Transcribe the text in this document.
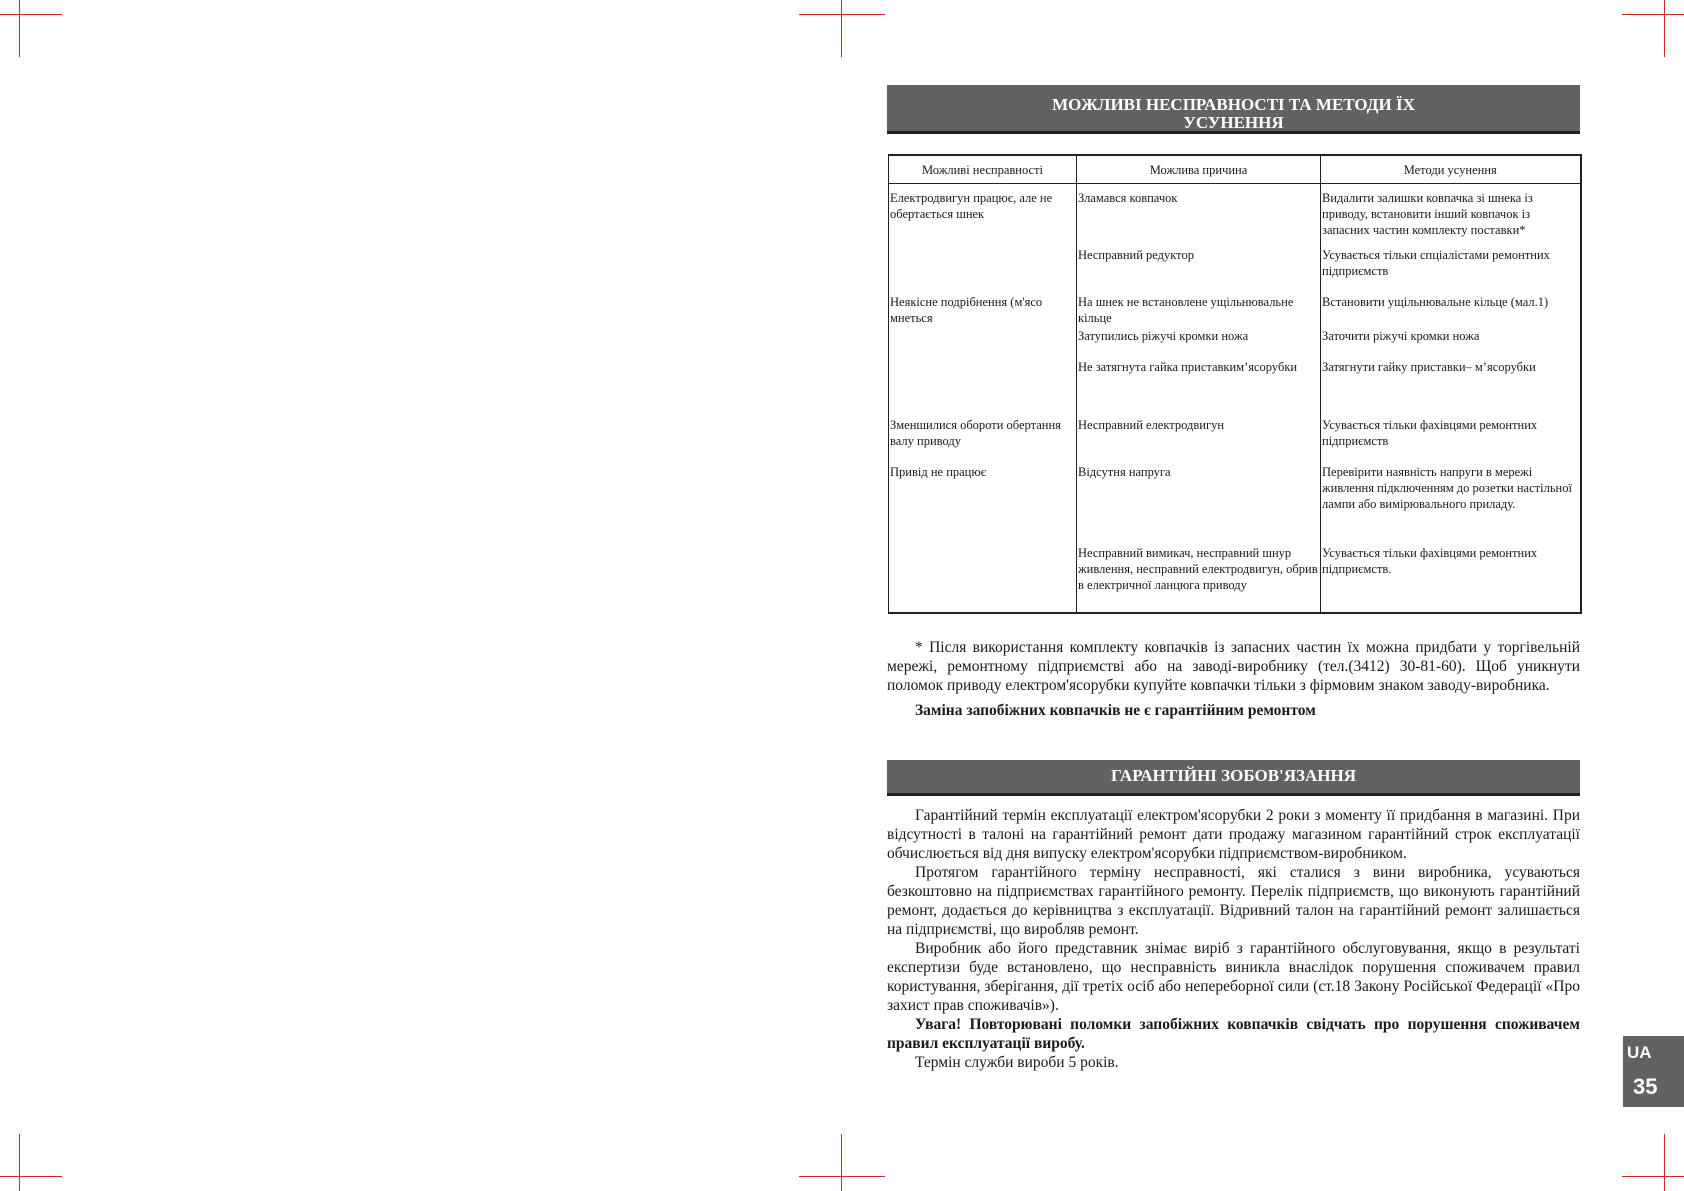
МОЖЛИВІ НЕСПРАВНОСТІ ТА МЕТОДИ ЇХ
УСУНЕННЯ
Можливі несправності	Можлива причина	Методи усунення
Електродвигун працює, але не обертається шнек	Зламався ковпачок	Видалити залишки ковпачка зі шнека із приводу, встановити інший ковпачок із запасних частин комплекту поставки*
	Несправний редуктор	Усувається тільки спціалістами ремонтних підприємств
Неякісне подрібнення (м'ясо мнеться	На шнек не встановлене ущільнювальне кільце	Встановити ущільнювальне кільце (мал.1)
	Затупились ріжучі кромки ножа	Заточити ріжучі кромки ножа
	Не затягнута гайка приставким’ясорубки	Затягнути гайку приставки– м’ясорубки
Зменшилися обороти обертання валу приводу	Несправний електродвигун	Усувається тільки фахівцями ремонтних підприємств
Привід не працює	Відсутня напруга	Перевірити наявність напруги в мережі живлення підключенням до розетки настільної лампи або вимірювального приладу.
	Несправний вимикач, несправний шнур живлення, несправний електродвигун, обрив в електричної ланцюга приводу	Усувається тільки фахівцями ремонтних підприємств.

* Після використання комплекту ковпачків із запасних частин їх можна придбати у торгівельній мережі, ремонтному підприємстві або на заводі-виробнику (тел.(3412) 30-81-60). Щоб уникнути поломок приводу електром'ясорубки купуйте ковпачки тільки з фірмовим знаком заводу-виробника.

Заміна запобіжних ковпачків не є гарантійним ремонтом

ГАРАНТІЙНІ ЗОБОВ'ЯЗАННЯ

Гарантійний термін експлуатації електром'ясорубки 2 роки з моменту її придбання в магазині. При відсутності в талоні на гарантійний ремонт дати продажу магазином гарантійний строк експлуатації обчислюється від дня випуску електром'ясорубки підприємством-виробником.

Протягом гарантійного терміну несправності, які сталися з вини виробника, усуваються безкоштовно на підприємствах гарантійного ремонту. Перелік підприємств, що виконують гарантійний ремонт, додається до керівництва з експлуатації. Відривний талон на гарантійний ремонт залишається на підприємстві, що виробляв ремонт.

Виробник або його представник знімає виріб з гарантійного обслуговування, якщо в результаті експертизи буде встановлено, що несправність виникла внаслідок порушення споживачем правил користування, зберігання, дії третіх осіб або непереборної сили (ст.18 Закону Російської Федерації «Про захист прав споживачів»).

Увага! Повторювані поломки запобіжних ковпачків свідчать про порушення споживачем правил експлуатації виробу.

Термін служби вироби 5 років.

UA
35
